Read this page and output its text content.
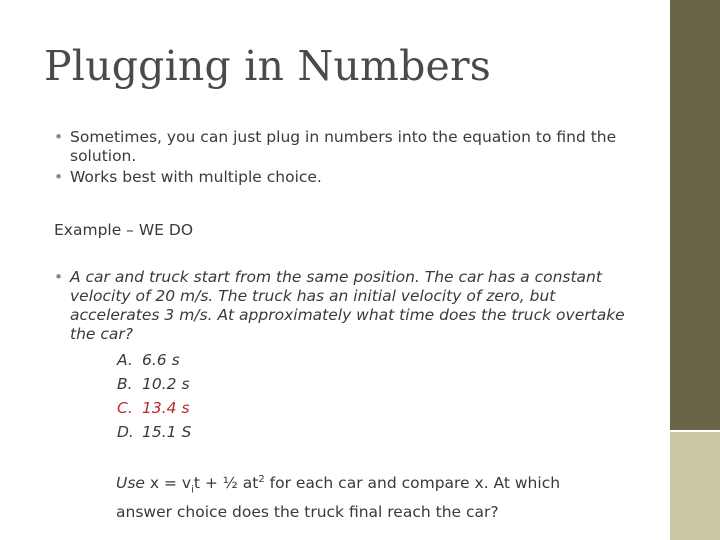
Plugging in Numbers
• Sometimes, you can just plug in numbers into the equation to find the solution.
• Works best with multiple choice.

Example – WE DO

• A car and truck start from the same position. The car has a constant velocity of 20 m/s. The truck has an initial velocity of zero, but accelerates 3 m/s. At approximately what time does the truck overtake the car?
A. 6.6 s
B. 10.2 s
C. 13.4 s
D. 15.1 S

Use $x = v_it$ + ½ $at^2$ for each car and compare x. At which answer choice does the truck final reach the car?
